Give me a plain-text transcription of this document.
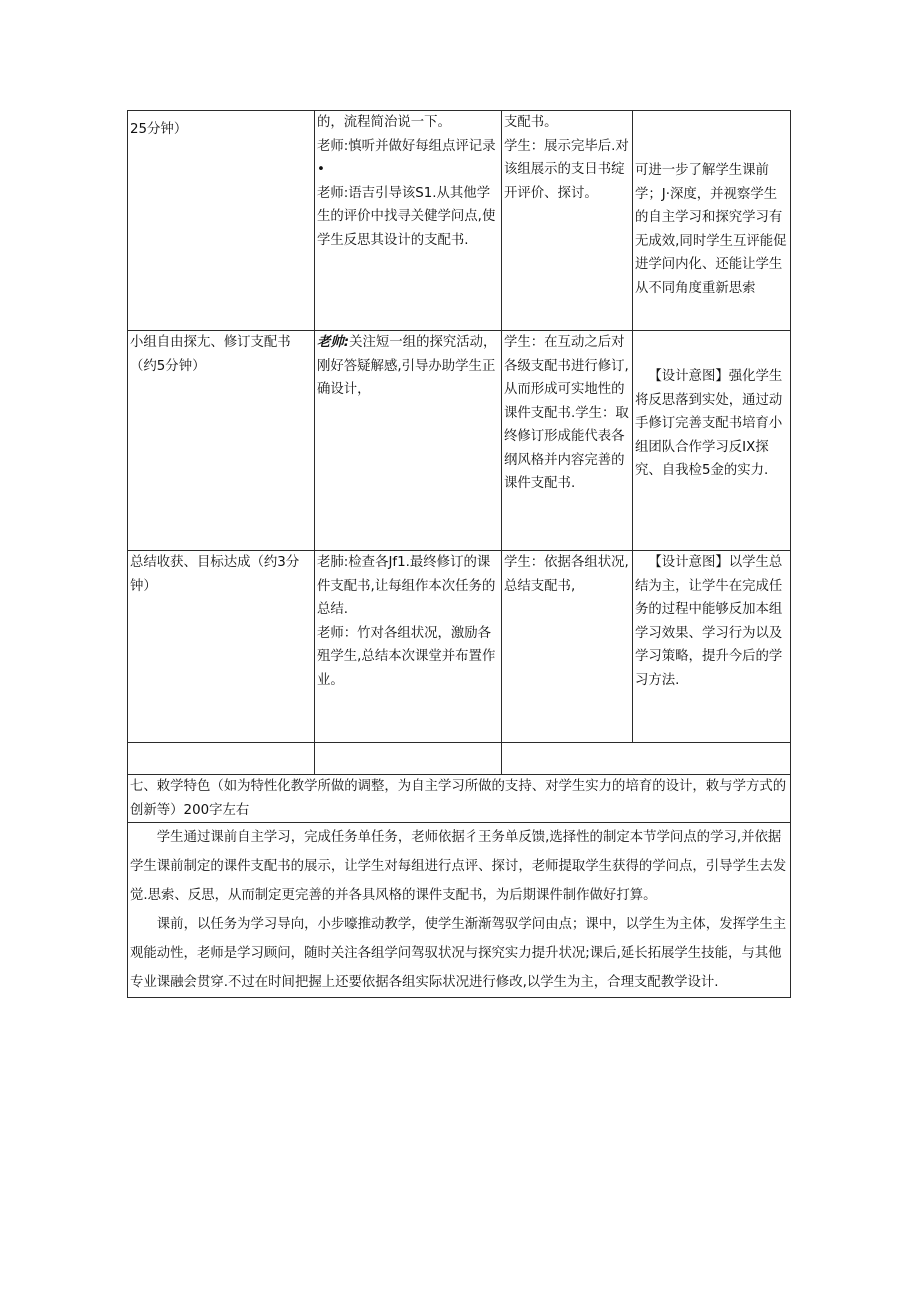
25分钟）	的，流程简治说一下。
老师:慎听并做好每组点评记录•
老师:语吉引导该S1.从其他学生的评价中找寻关健学问点,使学生反思其设计的支配书.	支配书。
学生：展示完毕后.对该组展示的支日书绽开评价、探讨。	可进一步了解学生课前学；J·深度，并视察学生的自主学习和探究学习有无成效,同时学生互评能促进学问内化、还能让学生从不同角度重新思索

小组自由探尢、修订支配书（约5分钟）	老帅:关注短一组的探究活动，刚好答疑解感,引导办助学生正确设计，	学生：在互动之后对各级支配书进行修订,从而形成可实地性的课件支配书.学生：取终修订形成能代表各纲风格并内容完善的课件支配书.	【设计意图】强化学生将反思落到实处，通过动手修订完善支配书培育小组团队合作学习反IX探究、自我检5金的实力.

总结收获、目标达成（约3分钟）	老肺:检查各Jf1.最终修订的课件支配书,让每组作本次任务的总结.
老师：竹对各组状况，激励各殂学生,总结本次课堂并布置作业。	学生：依据各组状况,总结支配书,	【设计意图】以学生总结为主，让学牛在完成任务的过程中能够反加本组学习效果、学习行为以及学习策略，提升今后的学习方法.

七、敕学特色（如为特性化教学所做的调整，为自主学习所做的支持、对学生实力的培育的设计，敕与学方式的创新等）200字左右			

学生通过课前自主学习，完成任务单任务，老师依据彳王务单反馈,选择性的制定本节学问点的学习,并依据学生课前制定的课件支配书的展示，让学生对每组进行点评、探讨，老师提取学生获得的学问点，引导学生去发觉.思索、反思，从而制定更完善的并各具风格的课件支配书，为后期课件制作做好打算。

课前，以任务为学习导向，小步嚎推动教学，使学生渐渐驾驭学问由点；课中，以学生为主体，发挥学生主观能动性，老师是学习顾问，随时关注各组学问驾驭状况与探究实力提升状况;课后,延长拓展学生技能，与其他专业课融会贯穿.不过在时间把握上还要依据各组实际状况进行修改,以学生为主，合理支配教学设计.			
